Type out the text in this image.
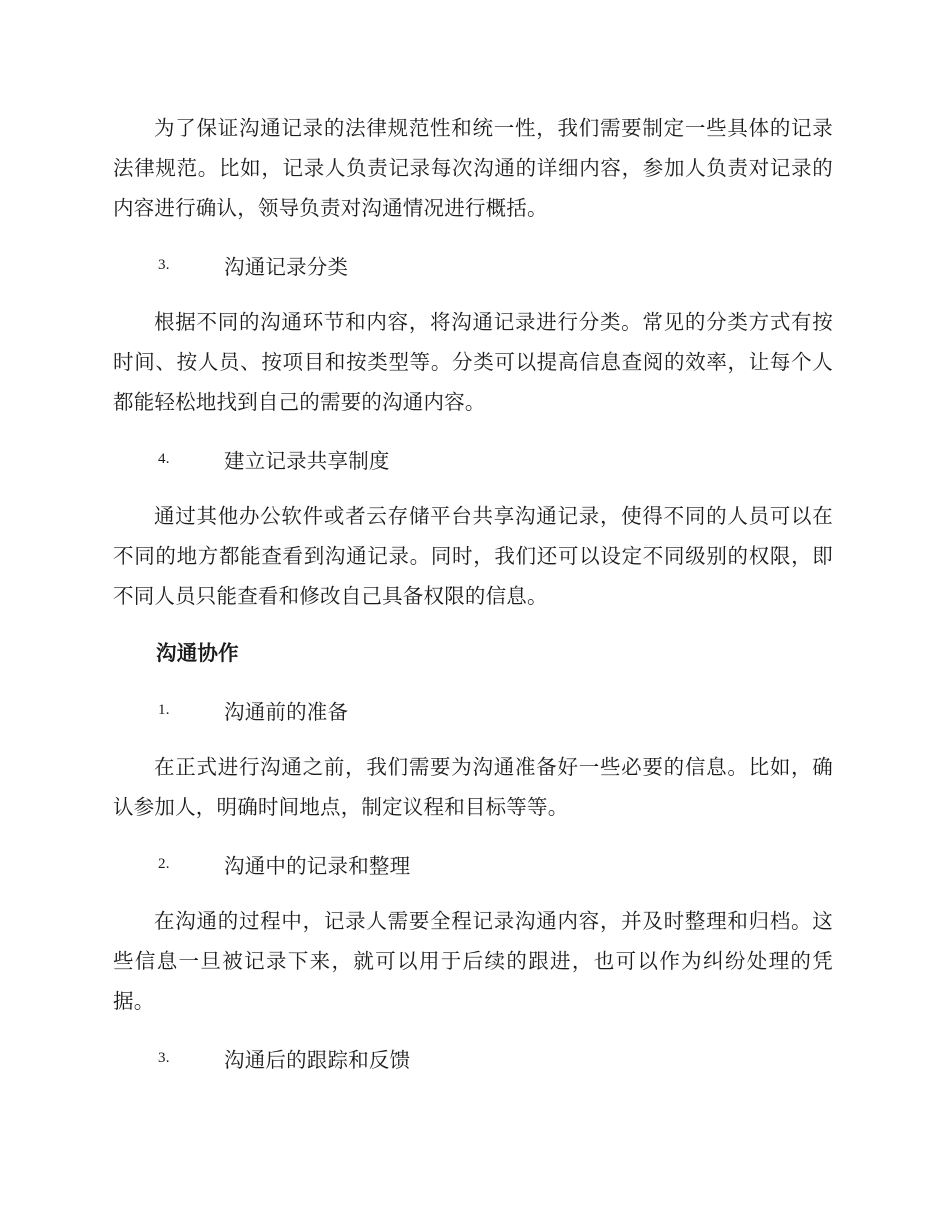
为了保证沟通记录的法律规范性和统一性，我们需要制定一些具体的记录法律规范。比如，记录人负责记录每次沟通的详细内容，参加人负责对记录的内容进行确认，领导负责对沟通情况进行概括。

3.	沟通记录分类

根据不同的沟通环节和内容，将沟通记录进行分类。常见的分类方式有按时间、按人员、按项目和按类型等。分类可以提高信息查阅的效率，让每个人都能轻松地找到自己的需要的沟通内容。

4.	建立记录共享制度

通过其他办公软件或者云存储平台共享沟通记录，使得不同的人员可以在不同的地方都能查看到沟通记录。同时，我们还可以设定不同级别的权限，即不同人员只能查看和修改自己具备权限的信息。

沟通协作
1.	沟通前的准备

在正式进行沟通之前，我们需要为沟通准备好一些必要的信息。比如，确认参加人，明确时间地点，制定议程和目标等等。

2.	沟通中的记录和整理

在沟通的过程中，记录人需要全程记录沟通内容，并及时整理和归档。这些信息一旦被记录下来，就可以用于后续的跟进，也可以作为纠纷处理的凭据。

3.	沟通后的跟踪和反馈
